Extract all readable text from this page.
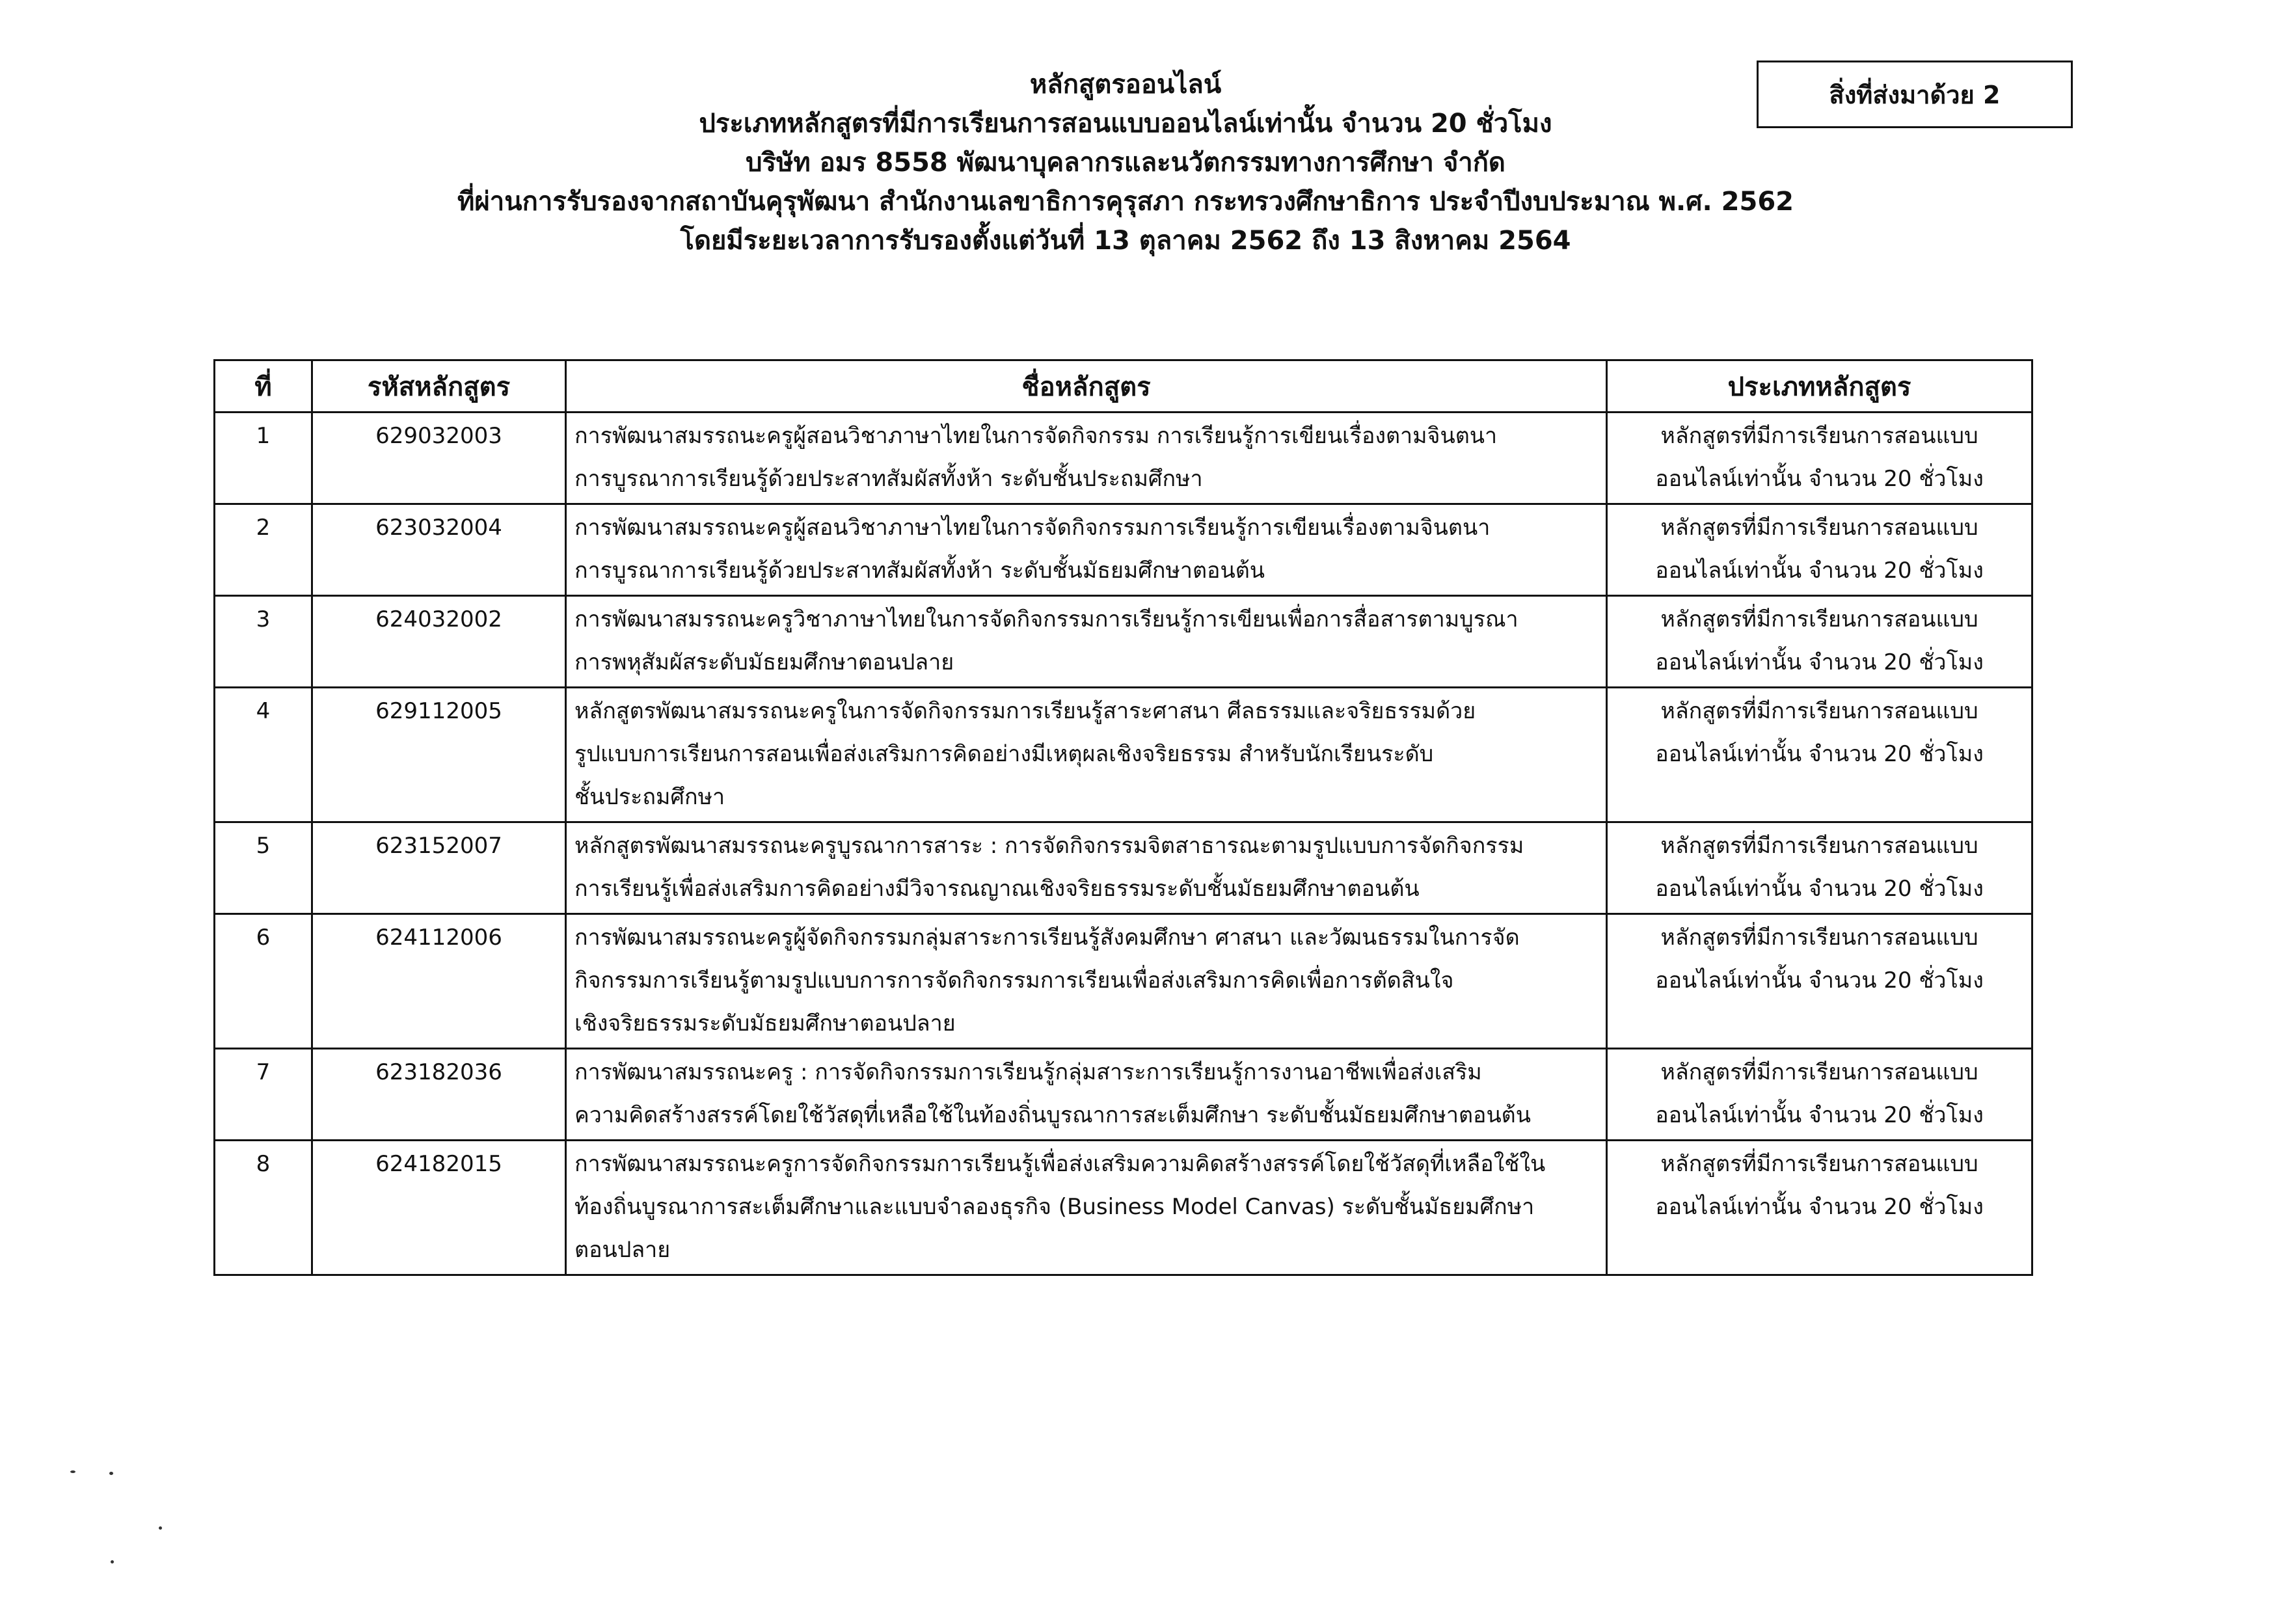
สิ่งที่ส่งมาด้วย 2
หลักสูตรออนไลน์
ประเภทหลักสูตรที่มีการเรียนการสอนแบบออนไลน์เท่านั้น จำนวน 20 ชั่วโมง
บริษัท อมร 8558 พัฒนาบุคลากรและนวัตกรรมทางการศึกษา จำกัด
ที่ผ่านการรับรองจากสถาบันคุรุพัฒนา สำนักงานเลขาธิการคุรุสภา กระทรวงศึกษาธิการ ประจำปีงบประมาณ พ.ศ. 2562
โดยมีระยะเวลาการรับรองตั้งแต่วันที่ 13 ตุลาคม 2562 ถึง 13 สิงหาคม 2564
ที่	รหัสหลักสูตร	ชื่อหลักสูตร	ประเภทหลักสูตร
1	629032003	การพัฒนาสมรรถนะครูผู้สอนวิชาภาษาไทยในการจัดกิจกรรม การเรียนรู้การเขียนเรื่องตามจินตนา
การบูรณาการเรียนรู้ด้วยประสาทสัมผัสทั้งห้า ระดับชั้นประถมศึกษา	หลักสูตรที่มีการเรียนการสอนแบบ
ออนไลน์เท่านั้น จำนวน 20 ชั่วโมง

2	623032004	การพัฒนาสมรรถนะครูผู้สอนวิชาภาษาไทยในการจัดกิจกรรมการเรียนรู้การเขียนเรื่องตามจินตนา
การบูรณาการเรียนรู้ด้วยประสาทสัมผัสทั้งห้า ระดับชั้นมัธยมศึกษาตอนต้น	หลักสูตรที่มีการเรียนการสอนแบบ
ออนไลน์เท่านั้น จำนวน 20 ชั่วโมง

3	624032002	การพัฒนาสมรรถนะครูวิชาภาษาไทยในการจัดกิจกรรมการเรียนรู้การเขียนเพื่อการสื่อสารตามบูรณา
การพหุสัมผัสระดับมัธยมศึกษาตอนปลาย	หลักสูตรที่มีการเรียนการสอนแบบ
ออนไลน์เท่านั้น จำนวน 20 ชั่วโมง

4	629112005	หลักสูตรพัฒนาสมรรถนะครูในการจัดกิจกรรมการเรียนรู้สาระศาสนา ศีลธรรมและจริยธรรมด้วย
รูปแบบการเรียนการสอนเพื่อส่งเสริมการคิดอย่างมีเหตุผลเชิงจริยธรรม สำหรับนักเรียนระดับ
ชั้นประถมศึกษา	หลักสูตรที่มีการเรียนการสอนแบบ
ออนไลน์เท่านั้น จำนวน 20 ชั่วโมง

5	623152007	หลักสูตรพัฒนาสมรรถนะครูบูรณาการสาระ : การจัดกิจกรรมจิตสาธารณะตามรูปแบบการจัดกิจกรรม
การเรียนรู้เพื่อส่งเสริมการคิดอย่างมีวิจารณญาณเชิงจริยธรรมระดับชั้นมัธยมศึกษาตอนต้น	หลักสูตรที่มีการเรียนการสอนแบบ
ออนไลน์เท่านั้น จำนวน 20 ชั่วโมง

6	624112006	การพัฒนาสมรรถนะครูผู้จัดกิจกรรมกลุ่มสาระการเรียนรู้สังคมศึกษา ศาสนา และวัฒนธรรมในการจัด
กิจกรรมการเรียนรู้ตามรูปแบบการการจัดกิจกรรมการเรียนเพื่อส่งเสริมการคิดเพื่อการตัดสินใจ
เชิงจริยธรรมระดับมัธยมศึกษาตอนปลาย	หลักสูตรที่มีการเรียนการสอนแบบ
ออนไลน์เท่านั้น จำนวน 20 ชั่วโมง

7	623182036	การพัฒนาสมรรถนะครู : การจัดกิจกรรมการเรียนรู้กลุ่มสาระการเรียนรู้การงานอาชีพเพื่อส่งเสริม
ความคิดสร้างสรรค์โดยใช้วัสดุที่เหลือใช้ในท้องถิ่นบูรณาการสะเต็มศึกษา ระดับชั้นมัธยมศึกษาตอนต้น	หลักสูตรที่มีการเรียนการสอนแบบ
ออนไลน์เท่านั้น จำนวน 20 ชั่วโมง

8	624182015	การพัฒนาสมรรถนะครูการจัดกิจกรรมการเรียนรู้เพื่อส่งเสริมความคิดสร้างสรรค์โดยใช้วัสดุที่เหลือใช้ใน
ท้องถิ่นบูรณาการสะเต็มศึกษาและแบบจำลองธุรกิจ (Business Model Canvas) ระดับชั้นมัธยมศึกษา
ตอนปลาย	หลักสูตรที่มีการเรียนการสอนแบบ
ออนไลน์เท่านั้น จำนวน 20 ชั่วโมง
